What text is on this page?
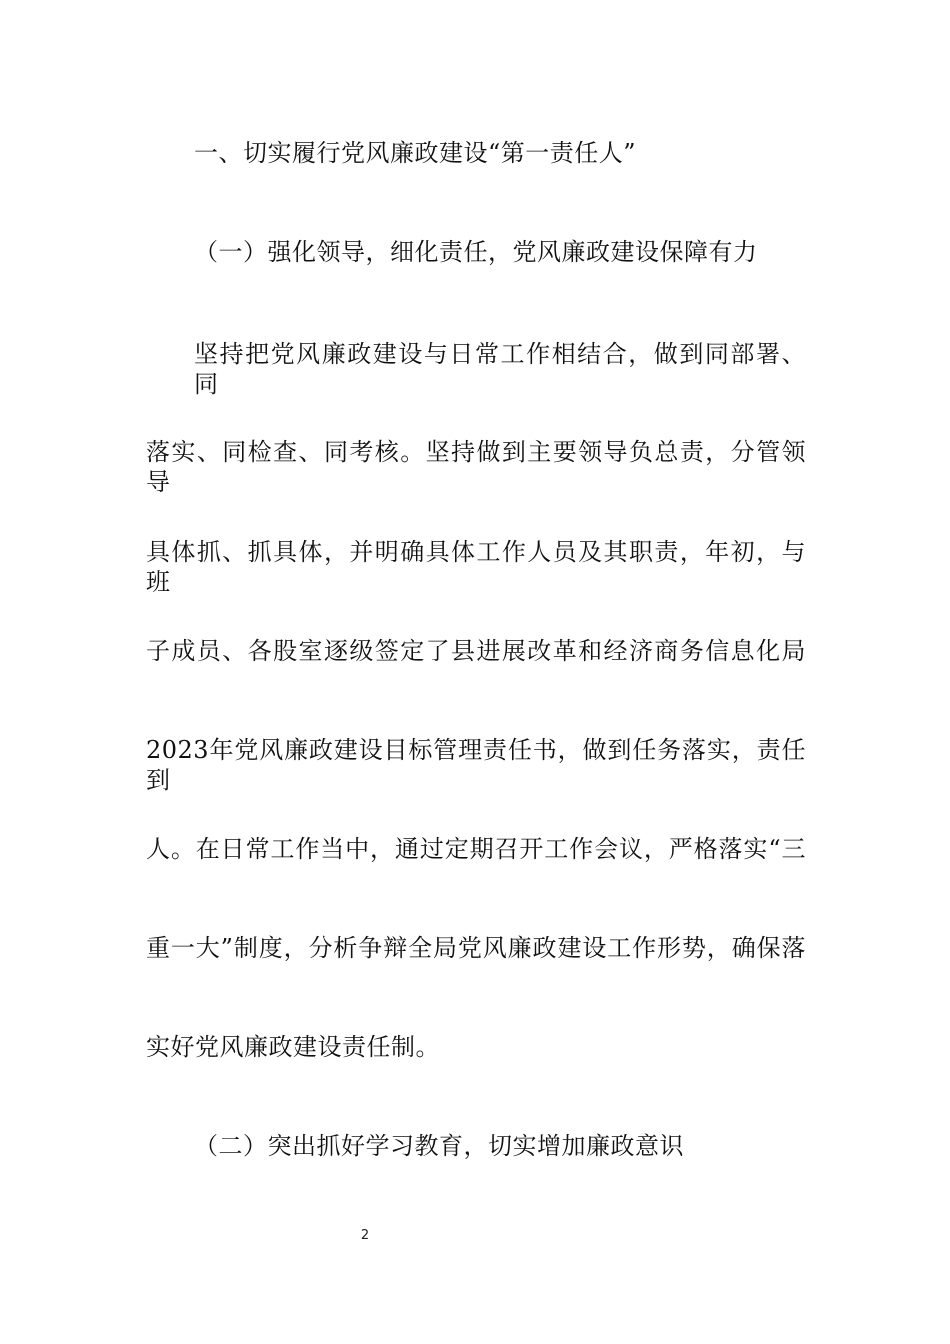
一、切实履行党风廉政建设“第一责任人”
（一）强化领导，细化责任，党风廉政建设保障有力
坚持把党风廉政建设与日常工作相结合，做到同部署、同
落实、同检查、同考核。坚持做到主要领导负总责，分管领导
具体抓、抓具体，并明确具体工作人员及其职责，年初，与班
子成员、各股室逐级签定了县进展改革和经济商务信息化局
2023年党风廉政建设目标管理责任书，做到任务落实，责任到
人。在日常工作当中，通过定期召开工作会议，严格落实“三
重一大”制度，分析争辩全局党风廉政建设工作形势，确保落
实好党风廉政建设责任制。
（二）突出抓好学习教育，切实增加廉政意识
2
